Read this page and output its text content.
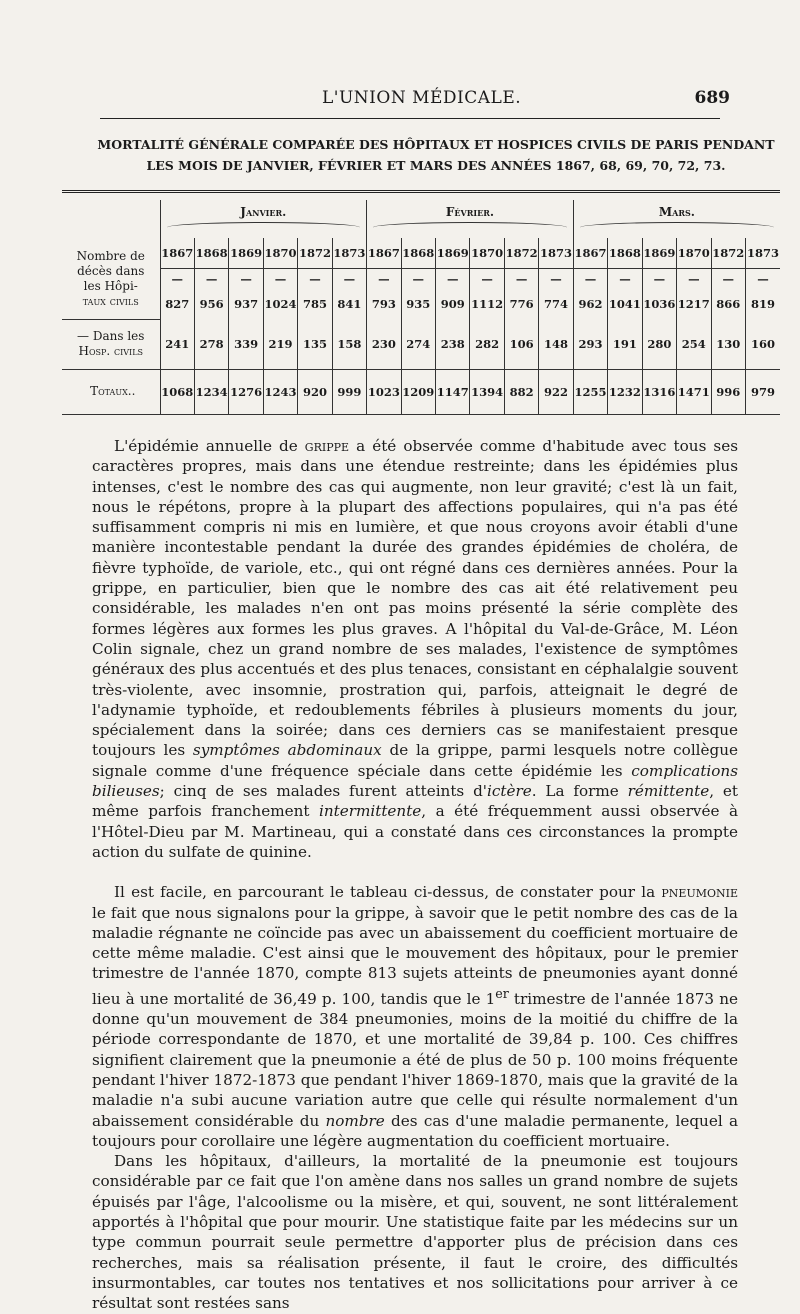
L'UNION MÉDICALE.	689
MORTALITÉ GÉNÉRALE COMPARÉE DES HÔPITAUX ET HOSPICES CIVILS DE PARIS PENDANT
LES MOIS DE JANVIER, FÉVRIER ET MARS DES ANNÉES 1867, 68, 69, 70, 72, 73.
	Janvier.						Février.						Mars.					

Nombre de
décès dans
les Hôpi-
taux civils	1867	1868	1869	1870	1872	1873	1867	1868	1869	1870	1872	1873	1867	1868	1869	1870	1872	1873
	—	—	—	—	—	—	—	—	—	—	—	—	—	—	—	—	—	—
	827	956	937	1024	785	841	793	935	909	1112	776	774	962	1041	1036	1217	866	819

— Dans les
Hosp. civils	241	278	339	219	135	158	230	274	238	282	106	148	293	191	280	254	130	160
Totaux..	1068	1234	1276	1243	920	999	1023	1209	1147	1394	882	922	1255	1232	1316	1471	996	979

L'épidémie annuelle de grippe a été observée comme d'habitude avec tous ses caractères propres, mais dans une étendue restreinte; dans les épidémies plus intenses, c'est le nombre des cas qui augmente, non leur gravité; c'est là un fait, nous le répétons, propre à la plupart des affections populaires, qui n'a pas été suffisamment compris ni mis en lumière, et que nous croyons avoir établi d'une manière incontestable pendant la durée des grandes épidémies de choléra, de fièvre typhoïde, de variole, etc., qui ont régné dans ces dernières années. Pour la grippe, en particulier, bien que le nombre des cas ait été relativement peu considérable, les malades n'en ont pas moins présenté la série complète des formes légères aux formes les plus graves. A l'hôpital du Val-de-Grâce, M. Léon Colin signale, chez un grand nombre de ses malades, l'existence de symptômes généraux des plus accentués et des plus tenaces, consistant en céphalalgie souvent très-violente, avec insomnie, prostration qui, parfois, atteignait le degré de l'adynamie typhoïde, et redoublements fébriles à plusieurs moments du jour, spécialement dans la soirée; dans ces derniers cas se manifestaient presque toujours les symptômes abdominaux de la grippe, parmi lesquels notre collègue signale comme d'une fréquence spéciale dans cette épidémie les complications bilieuses; cinq de ses malades furent atteints d'ictère. La forme rémittente, et même parfois franchement intermittente, a été fréquemment aussi observée à l'Hôtel-Dieu par M. Martineau, qui a constaté dans ces circonstances la prompte action du sulfate de quinine.

Il est facile, en parcourant le tableau ci-dessus, de constater pour la pneumonie le fait que nous signalons pour la grippe, à savoir que le petit nombre des cas de la maladie régnante ne coïncide pas avec un abaissement du coefficient mortuaire de cette même maladie. C'est ainsi que le mouvement des hôpitaux, pour le premier trimestre de l'année 1870, compte 813 sujets atteints de pneumonies ayant donné lieu à une mortalité de 36,49 p. 100, tandis que le 1er trimestre de l'année 1873 ne donne qu'un mouvement de 384 pneumonies, moins de la moitié du chiffre de la période correspondante de 1870, et une mortalité de 39,84 p. 100. Ces chiffres signifient clairement que la pneumonie a été de plus de 50 p. 100 moins fréquente pendant l'hiver 1872-1873 que pendant l'hiver 1869-1870, mais que la gravité de la maladie n'a subi aucune variation autre que celle qui résulte normalement d'un abaissement considérable du nombre des cas d'une maladie permanente, lequel a toujours pour corollaire une légère augmentation du coefficient mortuaire.

Dans les hôpitaux, d'ailleurs, la mortalité de la pneumonie est toujours considérable par ce fait que l'on amène dans nos salles un grand nombre de sujets épuisés par l'âge, l'alcoolisme ou la misère, et qui, souvent, ne sont littéralement apportés à l'hôpital que pour mourir. Une statistique faite par les médecins sur un type commun pourrait seule permettre d'apporter plus de précision dans ces recherches, mais sa réalisation présente, il faut le croire, des difficultés insurmontables, car toutes nos tentatives et nos sollicitations pour arriver à ce résultat sont restées sans
